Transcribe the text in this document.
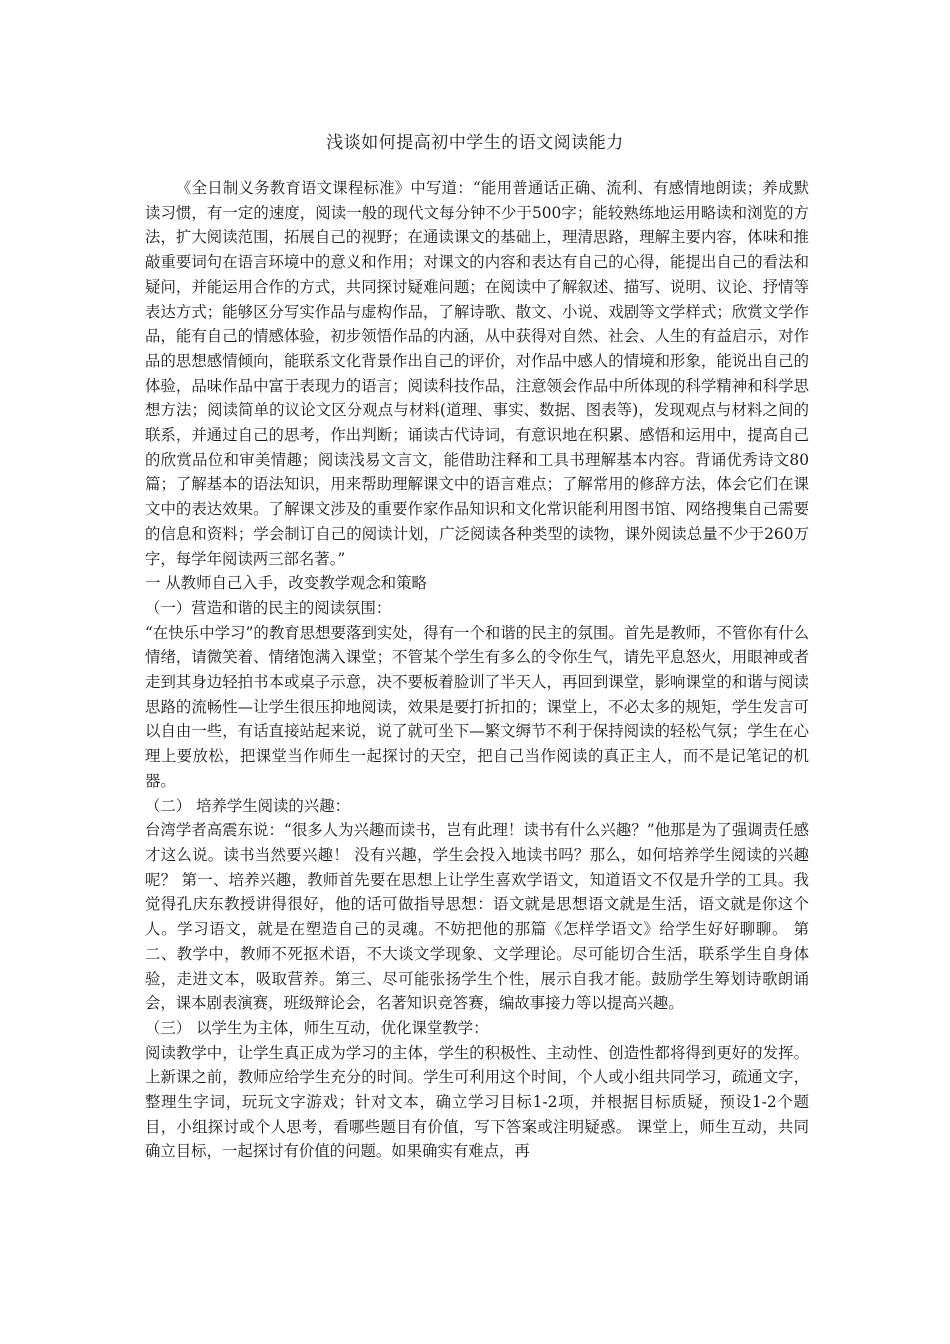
浅谈如何提高初中学生的语文阅读能力

《全日制义务教育语文课程标准》中写道：“能用普通话正确、流利、有感情地朗读；养成默读习惯，有一定的速度，阅读一般的现代文每分钟不少于500字；能较熟练地运用略读和浏览的方法，扩大阅读范围，拓展自己的视野；在通读课文的基础上，理清思路，理解主要内容，体味和推敲重要词句在语言环境中的意义和作用；对课文的内容和表达有自己的心得，能提出自己的看法和疑问，并能运用合作的方式，共同探讨疑难问题；在阅读中了解叙述、描写、说明、议论、抒情等表达方式；能够区分写实作品与虚构作品，了解诗歌、散文、小说、戏剧等文学样式；欣赏文学作品，能有自己的情感体验，初步领悟作品的内涵，从中获得对自然、社会、人生的有益启示，对作品的思想感情倾向，能联系文化背景作出自己的评价，对作品中感人的情境和形象，能说出自己的体验，品味作品中富于表现力的语言；阅读科技作品，注意领会作品中所体现的科学精神和科学思想方法；阅读简单的议论文区分观点与材料(道理、事实、数据、图表等)，发现观点与材料之间的联系，并通过自己的思考，作出判断；诵读古代诗词，有意识地在积累、感悟和运用中，提高自己的欣赏品位和审美情趣；阅读浅易文言文，能借助注释和工具书理解基本内容。背诵优秀诗文80篇；了解基本的语法知识，用来帮助理解课文中的语言难点；了解常用的修辞方法，体会它们在课文中的表达效果。了解课文涉及的重要作家作品知识和文化常识能利用图书馆、网络搜集自己需要的信息和资料；学会制订自己的阅读计划，广泛阅读各种类型的读物，课外阅读总量不少于260万字，每学年阅读两三部名著。”

一 从教师自己入手，改变教学观念和策略

（一）营造和谐的民主的阅读氛围：

“在快乐中学习”的教育思想要落到实处，得有一个和谐的民主的氛围。首先是教师，不管你有什么情绪，请微笑着、情绪饱满入课堂；不管某个学生有多么的令你生气，请先平息怒火，用眼神或者走到其身边轻拍书本或桌子示意，决不要板着脸训了半天人，再回到课堂，影响课堂的和谐与阅读思路的流畅性—让学生很压抑地阅读，效果是要打折扣的；课堂上，不必太多的规矩，学生发言可以自由一些，有话直接站起来说，说了就可坐下—繁文缛节不利于保持阅读的轻松气氛；学生在心理上要放松，把课堂当作师生一起探讨的天空，把自己当作阅读的真正主人，而不是记笔记的机器。

（二） 培养学生阅读的兴趣：

台湾学者高震东说：“很多人为兴趣而读书，岂有此理！读书有什么兴趣？”他那是为了强调责任感才这么说。读书当然要兴趣！ 没有兴趣，学生会投入地读书吗？那么，如何培养学生阅读的兴趣呢？ 第一、培养兴趣，教师首先要在思想上让学生喜欢学语文，知道语文不仅是升学的工具。我觉得孔庆东教授讲得很好，他的话可做指导思想：语文就是思想语文就是生活，语文就是你这个人。学习语文，就是在塑造自己的灵魂。不妨把他的那篇《怎样学语文》给学生好好聊聊。 第二、教学中，教师不死抠术语，不大谈文学现象、文学理论。尽可能切合生活，联系学生自身体验，走进文本，吸取营养。第三、尽可能张扬学生个性，展示自我才能。鼓励学生筹划诗歌朗诵会，课本剧表演赛，班级辩论会，名著知识竞答赛，编故事接力等以提高兴趣。

（三） 以学生为主体，师生互动，优化课堂教学：

阅读教学中，让学生真正成为学习的主体，学生的积极性、主动性、创造性都将得到更好的发挥。上新课之前，教师应给学生充分的时间。学生可利用这个时间，个人或小组共同学习，疏通文字，整理生字词，玩玩文字游戏；针对文本，确立学习目标1-2项，并根据目标质疑，预设1-2个题目，小组探讨或个人思考，看哪些题目有价值，写下答案或注明疑惑。 课堂上，师生互动，共同确立目标，一起探讨有价值的问题。如果确实有难点，再
